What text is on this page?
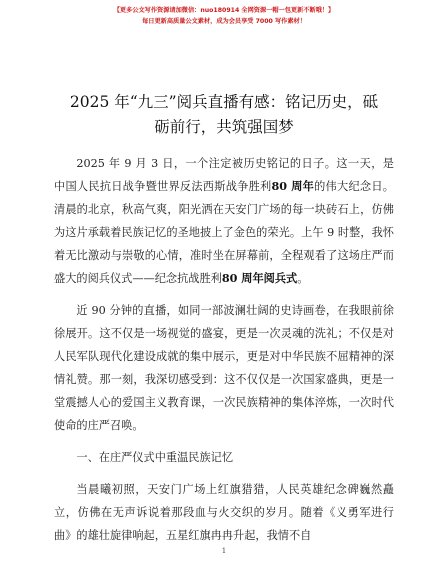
【更多公文写作资源请加微信：nuo180914 全网资源一帽一包更新不断哦！】
每日更新高质量公文素材，成为会员享受 7000 写作素材！
2025 年“九三”阅兵直播有感：铭记历史，砥
砺前行，共筑强国梦

2025 年 9 月 3 日，一个注定被历史铭记的日子。这一天，是中国人民抗日战争暨世界反法西斯战争胜利80 周年的伟大纪念日。清晨的北京，秋高气爽，阳光洒在天安门广场的每一块砖石上，仿佛为这片承载着民族记忆的圣地披上了金色的荣光。上午 9 时整，我怀着无比激动与崇敬的心情，准时坐在屏幕前，全程观看了这场庄严而盛大的阅兵仪式——纪念抗战胜利80 周年阅兵式。

近 90 分钟的直播，如同一部波澜壮阔的史诗画卷，在我眼前徐徐展开。这不仅是一场视觉的盛宴，更是一次灵魂的洗礼；不仅是对人民军队现代化建设成就的集中展示，更是对中华民族不屈精神的深情礼赞。那一刻，我深切感受到：这不仅仅是一次国家盛典，更是一堂震撼人心的爱国主义教育课，一次民族精神的集体淬炼，一次时代使命的庄严召唤。

一、在庄严仪式中重温民族记忆

当晨曦初照，天安门广场上红旗猎猎，人民英雄纪念碑巍然矗立，仿佛在无声诉说着那段血与火交织的岁月。随着《义勇军进行曲》的雄壮旋律响起，五星红旗冉冉升起，我情不自

1
